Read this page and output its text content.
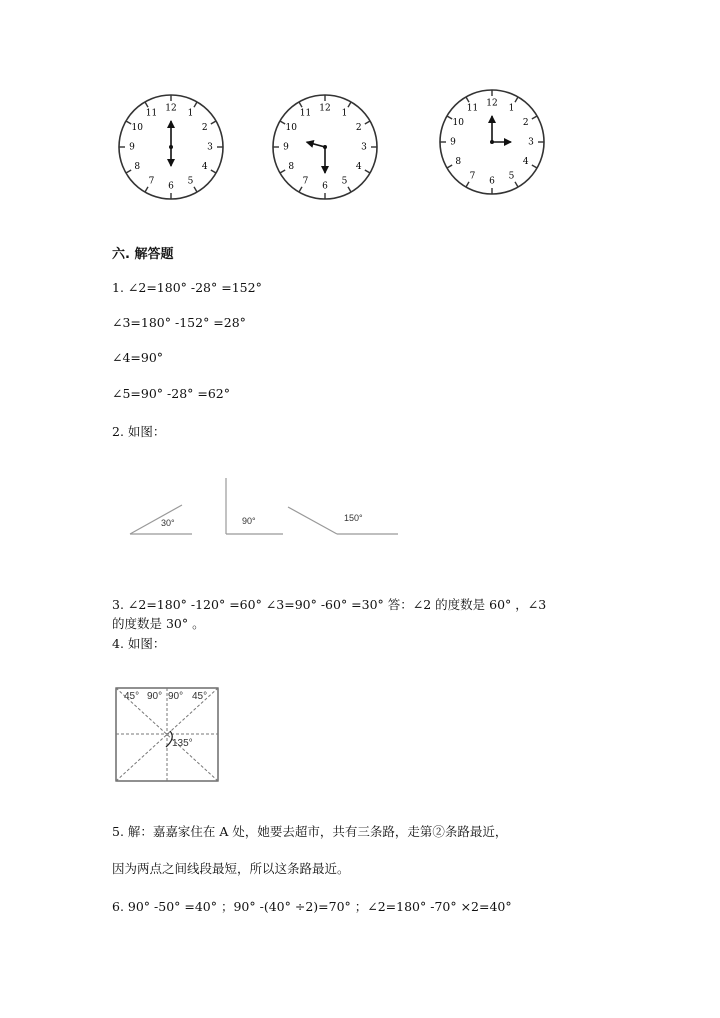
12
1
2
3
4
5
6
7
8
9
10
11
12
1
2
3
4
5
6
7
8
9
10
11
12
1
2
3
4
5
6
7
8
9
10
11
六. 解答题
1. ∠2=180° -28° =152°
∠3=180° -152° =28°
∠4=90°
∠5=90° -28° =62°
2. 如图：
30°	90°	150°
3. ∠2=180° -120° =60° ∠3=90° -60° =30° 答：∠2 的度数是 60° ，∠3
的度数是 30° 。
4. 如图：
45° 90° 90° 45°
135°
5. 解：嘉嘉家住在 A 处，她要去超市，共有三条路，走第②条路最近，
因为两点之间线段最短，所以这条路最近。
6. 90° -50° =40° ；90° -(40° ÷2)=70° ；∠2=180° -70° ×2=40°
